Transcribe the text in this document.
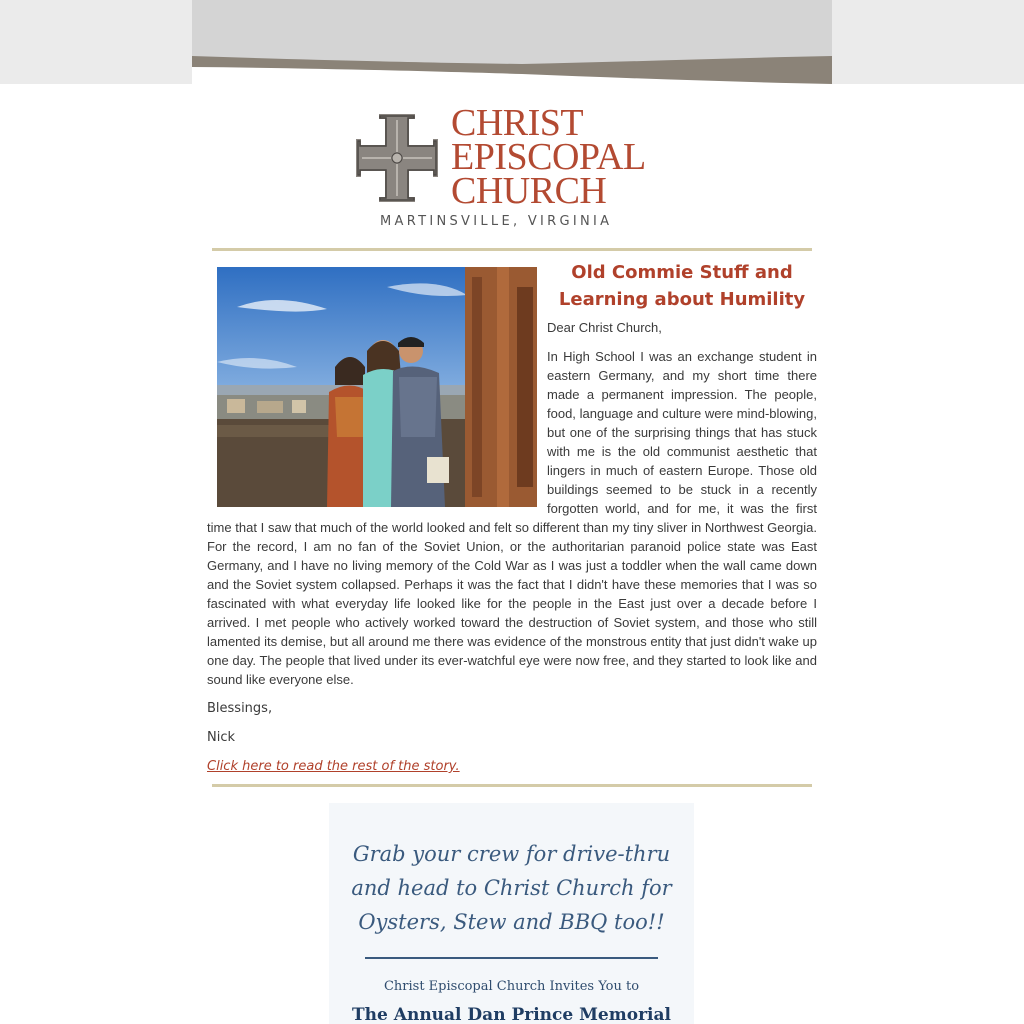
CHRIST
EPISCOPAL
CHURCH
MARTINSVILLE, VIRGINIA
Old Commie Stuff and Learning about Humility

Dear Christ Church,

In High School I was an exchange student in eastern Germany, and my short time there made a permanent impression. The people, food, language and culture were mind-blowing, but one of the surprising things that has stuck with me is the old communist aesthetic that lingers in much of eastern Europe. Those old buildings seemed to be stuck in a recently forgotten world, and for me, it was the first time that I saw that much of the world looked and felt so different than my tiny sliver in Northwest Georgia. For the record, I am no fan of the Soviet Union, or the authoritarian paranoid police state was East Germany, and I have no living memory of the Cold War as I was just a toddler when the wall came down and the Soviet system collapsed. Perhaps it was the fact that I didn't have these memories that I was so fascinated with what everyday life looked like for the people in the East just over a decade before I arrived. I met people who actively worked toward the destruction of Soviet system, and those who still lamented its demise, but all around me there was evidence of the monstrous entity that just didn't wake up one day. The people that lived under its ever-watchful eye were now free, and they started to look like and sound like everyone else.

Blessings,

Nick

Click here to read the rest of the story.
Grab your crew for drive-thru
and head to Christ Church for
Oysters, Stew and BBQ too!!
Christ Episcopal Church Invites You to
The Annual Dan Prince Memorial
